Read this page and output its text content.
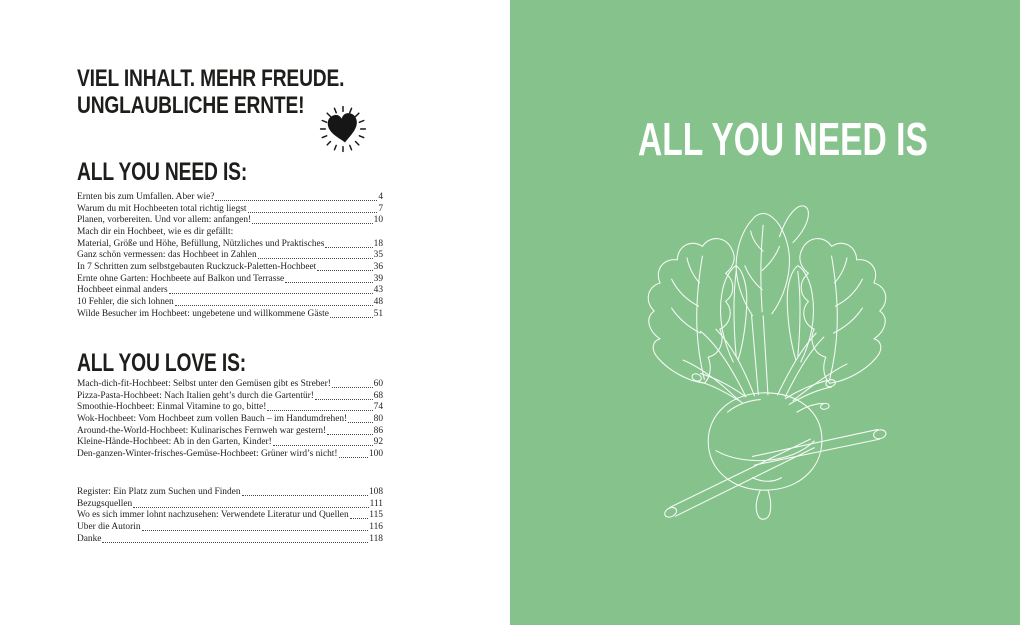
VIEL INHALT. MEHR FREUDE.
UNGLAUBLICHE ERNTE!
ALL YOU NEED IS:
Ernten bis zum Umfallen. Aber wie?	4
Warum du mit Hochbeeten total richtig liegst	7
Planen, vorbereiten. Und vor allem: anfangen!	10
Mach dir ein Hochbeet, wie es dir gefällt:
Material, Größe und Höhe, Befüllung, Nützliches und Praktisches	18
Ganz schön vermessen: das Hochbeet in Zahlen	35
In 7 Schritten zum selbstgebauten Ruckzuck-Paletten-Hochbeet	36
Ernte ohne Garten: Hochbeete auf Balkon und Terrasse	39
Hochbeet einmal anders	43
10 Fehler, die sich lohnen	48
Wilde Besucher im Hochbeet: ungebetene und willkommene Gäste	51
ALL YOU LOVE IS:
Mach-dich-fit-Hochbeet: Selbst unter den Gemüsen gibt es Streber!	60
Pizza-Pasta-Hochbeet: Nach Italien geht’s durch die Gartentür!	68
Smoothie-Hochbeet: Einmal Vitamine to go, bitte!	74
Wok-Hochbeet: Vom Hochbeet zum vollen Bauch – im Handumdrehen!	80
Around-the-World-Hochbeet: Kulinarisches Fernweh war gestern!	86
Kleine-Hände-Hochbeet: Ab in den Garten, Kinder!	92
Den-ganzen-Winter-frisches-Gemüse-Hochbeet: Grüner wird’s nicht!	100
Register: Ein Platz zum Suchen und Finden	108
Bezugsquellen	111
Wo es sich immer lohnt nachzusehen: Verwendete Literatur und Quellen 115
Über die Autorin	116
Danke	118
ALL YOU NEED IS
